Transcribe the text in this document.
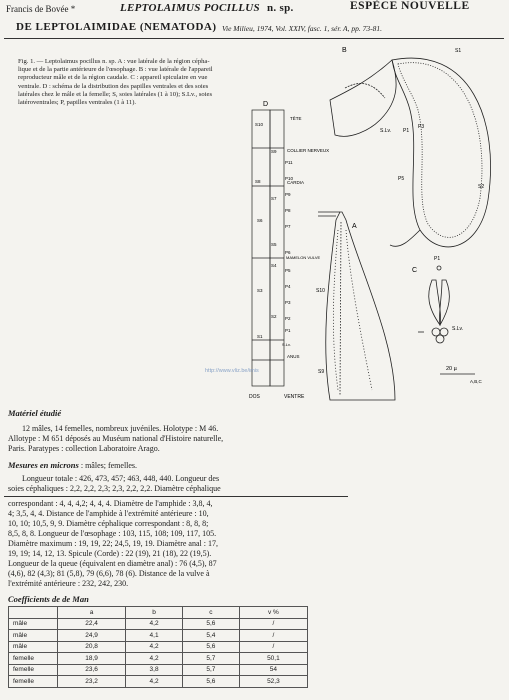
Francis de Bovée *	LEPTOLAIMUS POCILLUS n. sp.	ESPÈCE NOUVELLE
DE LEPTOLAIMIDAE (NEMATODA) Vie Milieu, 1974, Vol. XXIV, fasc. 1, sér. A, pp. 73-81.
Fig. 1. — Leptolaimus pocillus n. sp. A : vue latérale de la région cépha-
lique et de la partie antérieure de l'œsophage. B : vue latérale de l'appareil
reproducteur mâle et de la région caudale. C : appareil spiculaire en vue
ventrale. D : schéma de la distribution des papilles ventrales et des soies
latérales chez le mâle et la femelle; S, soies latérales (1 à 10); S.Lv., soies
latéroventrales; P, papilles ventrales (1 à 11).
B	S1
S.Lv. P1
P3
P5
S2
A
S10
S9
C
P1
S.Lv.
20 µ
A,B,C
D
S10
S9
S8
S7
S6
S5
S4
S3
S2
S1
S.Lv.
P11
P10
P9
P8
P7
P6
P5
P4
P3
P2
P1
TÊTE
COLLIER NERVEUX
CARDIA
MAMELON VULVE
ANUS
DOS	VENTRE
http://www.vliz.be/imis
Matériel étudié
12 mâles, 14 femelles, nombreux juvéniles. Holotype : M 46.
Allotype : M 651 déposés au Muséum national d'Histoire naturelle,
Paris. Paratypes : collection Laboratoire Arago.
Mesures en microns : mâles; femelles.
Longueur totale : 426, 473, 457; 463, 448, 440. Longueur des
soies céphaliques : 2,2, 2,2, 2,3; 2,3, 2,2, 2,2. Diamètre céphalique
correspondant : 4, 4, 4,2; 4, 4, 4. Diamètre de l'amphide : 3,8, 4,
4; 3,5, 4, 4. Distance de l'amphide à l'extrémité antérieure : 10,
10, 10; 10,5, 9, 9. Diamètre céphalique correspondant : 8, 8, 8;
8,5, 8, 8. Longueur de l'œsophage : 103, 115, 108; 109, 117, 105.
Diamètre maximum : 19, 19, 22; 24,5, 19, 19. Diamètre anal : 17,
19, 19; 14, 12, 13. Spicule (Corde) : 22 (19), 21 (18), 22 (19,5).
Longueur de la queue (équivalent en diamètre anal) : 76 (4,5), 87
(4,6), 82 (4,3); 81 (5,8), 79 (6,6), 78 (6). Distance de la vulve à
l'extrémité antérieure : 232, 242, 230.
Coefficients de de Man
	a	b	c	v %
mâle	22,4	4,2	5,6	/
mâle	24,9	4,1	5,4	/
mâle	20,8	4,2	5,6	/
femelle	18,9	4,2	5,7	50,1
femelle	23,6	3,8	5,7	54
femelle	23,2	4,2	5,6	52,3
